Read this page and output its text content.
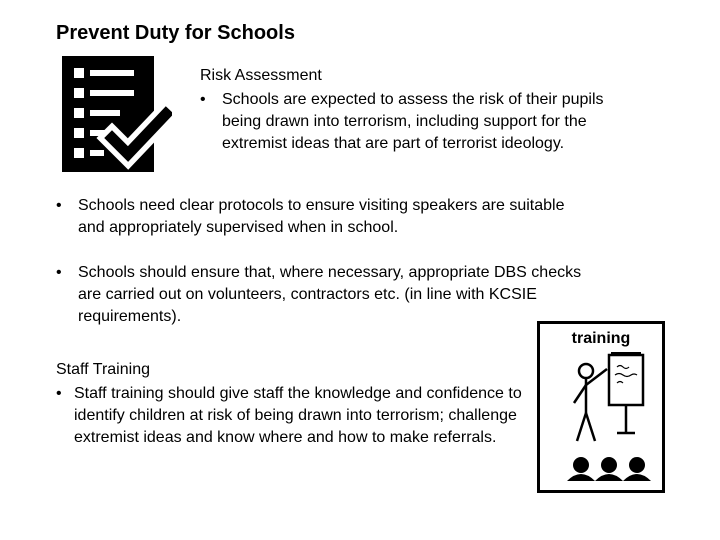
Prevent Duty for Schools
Risk Assessment
•	Schools are expected to assess the risk of their pupils being drawn into terrorism, including support for the extremist ideas that are part of terrorist ideology.
•	Schools need clear protocols to ensure visiting speakers are suitable and appropriately supervised when in school.
•	Schools should ensure that, where necessary, appropriate DBS checks are carried out on volunteers, contractors etc. (in line with KCSIE requirements).
Staff Training
• Staff training should give staff the knowledge and confidence to identify children at risk of being drawn into terrorism; challenge extremist ideas and know where and how to make referrals.
training
